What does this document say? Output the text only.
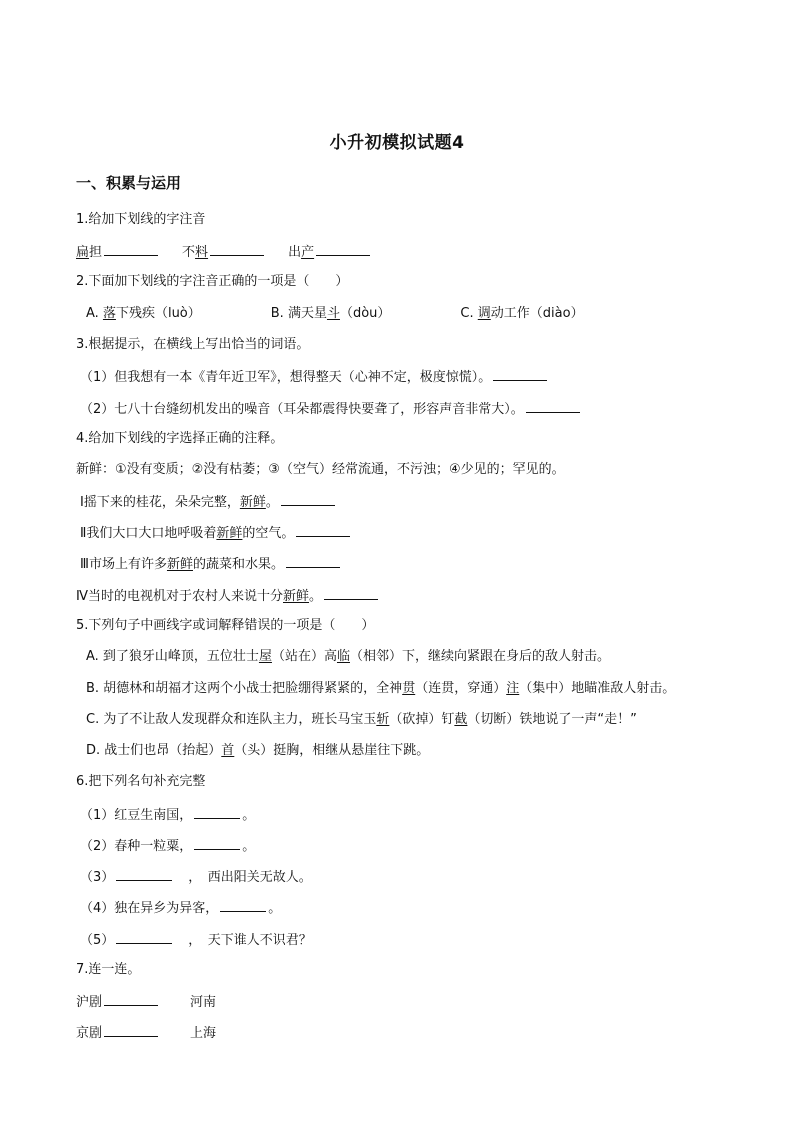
小升初模拟试题4
一、积累与运用
1.给加下划线的字注音
扁担	不料	出产
2.下面加下划线的字注音正确的一项是（　　）
A. 落下残疾（luò）	B. 满天星斗（dòu）	C. 调动工作（diào）
3.根据提示，在横线上写出恰当的词语。
（1）但我想有一本《青年近卫军》，想得整天（心神不定，极度惊慌）。
（2）七八十台缝纫机发出的噪音（耳朵都震得快要聋了，形容声音非常大）。
4.给加下划线的字选择正确的注释。
新鲜：①没有变质；②没有枯萎；③（空气）经常流通，不污浊；④少见的；罕见的。
Ⅰ摇下来的桂花，朵朵完整，新鲜。
Ⅱ我们大口大口地呼吸着新鲜的空气。
Ⅲ市场上有许多新鲜的蔬菜和水果。
Ⅳ当时的电视机对于农村人来说十分新鲜。
5.下列句子中画线字或词解释错误的一项是（　　）
A. 到了狼牙山峰顶，五位壮士屋（站在）高临（相邻）下，继续向紧跟在身后的敌人射击。
B. 胡德林和胡福才这两个小战士把脸绷得紧紧的，全神贯（连贯，穿通）注（集中）地瞄准敌人射击。
C. 为了不让敌人发现群众和连队主力，班长马宝玉斩（砍掉）钉截（切断）铁地说了一声“走！”
D. 战士们也昂（抬起）首（头）挺胸，相继从悬崖往下跳。
6.把下列名句补充完整
（1）红豆生南国，	。
（2）春种一粒粟，	。
（3）	，　西出阳关无故人。
（4）独在异乡为异客，	。
（5）	，　天下谁人不识君？
7.连一连。
沪剧	河南
京剧	上海
